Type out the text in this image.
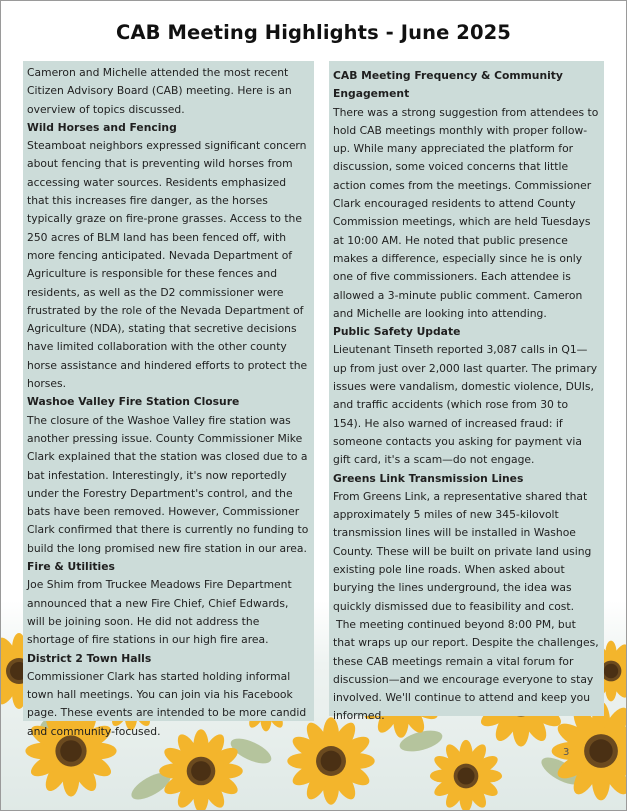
CAB Meeting Highlights - June 2025

Cameron and Michelle attended the most recent Citizen Advisory Board (CAB) meeting. Here is an overview of topics discussed.

Wild Horses and Fencing

Steamboat neighbors expressed significant concern about fencing that is preventing wild horses from accessing water sources. Residents emphasized that this increases fire danger, as the horses typically graze on fire-prone grasses. Access to the 250 acres of BLM land has been fenced off, with more fencing anticipated. Nevada Department of Agriculture is responsible for these fences and residents, as well as the D2 commissioner were frustrated by the role of the Nevada Department of Agriculture (NDA), stating that secretive decisions have limited collaboration with the other county horse assistance and hindered efforts to protect the horses.

Washoe Valley Fire Station Closure

The closure of the Washoe Valley fire station was another pressing issue. County Commissioner Mike Clark explained that the station was closed due to a bat infestation. Interestingly, it's now reportedly under the Forestry Department's control, and the bats have been removed. However, Commissioner Clark confirmed that there is currently no funding to build the long promised new fire station in our area.

Fire & Utilities

Joe Shim from Truckee Meadows Fire Department announced that a new Fire Chief, Chief Edwards, will be joining soon. He did not address the shortage of fire stations in our high fire area.

District 2 Town Halls

Commissioner Clark has started holding informal town hall meetings. You can join via his Facebook page. These events are intended to be more candid and community-focused.

CAB Meeting Frequency & Community Engagement

There was a strong suggestion from attendees to hold CAB meetings monthly with proper follow-up. While many appreciated the platform for discussion, some voiced concerns that little action comes from the meetings. Commissioner Clark encouraged residents to attend County Commission meetings, which are held Tuesdays at 10:00 AM. He noted that public presence makes a difference, especially since he is only one of five commissioners. Each attendee is allowed a 3-minute public comment. Cameron and Michelle are looking into attending.

Public Safety Update

Lieutenant Tinseth reported 3,087 calls in Q1—up from just over 2,000 last quarter. The primary issues were vandalism, domestic violence, DUIs, and traffic accidents (which rose from 30 to 154). He also warned of increased fraud: if someone contacts you asking for payment via gift card, it's a scam—do not engage.

Greens Link Transmission Lines

From Greens Link, a representative shared that approximately 5 miles of new 345-kilovolt transmission lines will be installed in Washoe County. These will be built on private land using existing pole line roads. When asked about burying the lines underground, the idea was quickly dismissed due to feasibility and cost.

The meeting continued beyond 8:00 PM, but that wraps up our report. Despite the challenges, these CAB meetings remain a vital forum for discussion—and we encourage everyone to stay involved. We'll continue to attend and keep you informed.

3
